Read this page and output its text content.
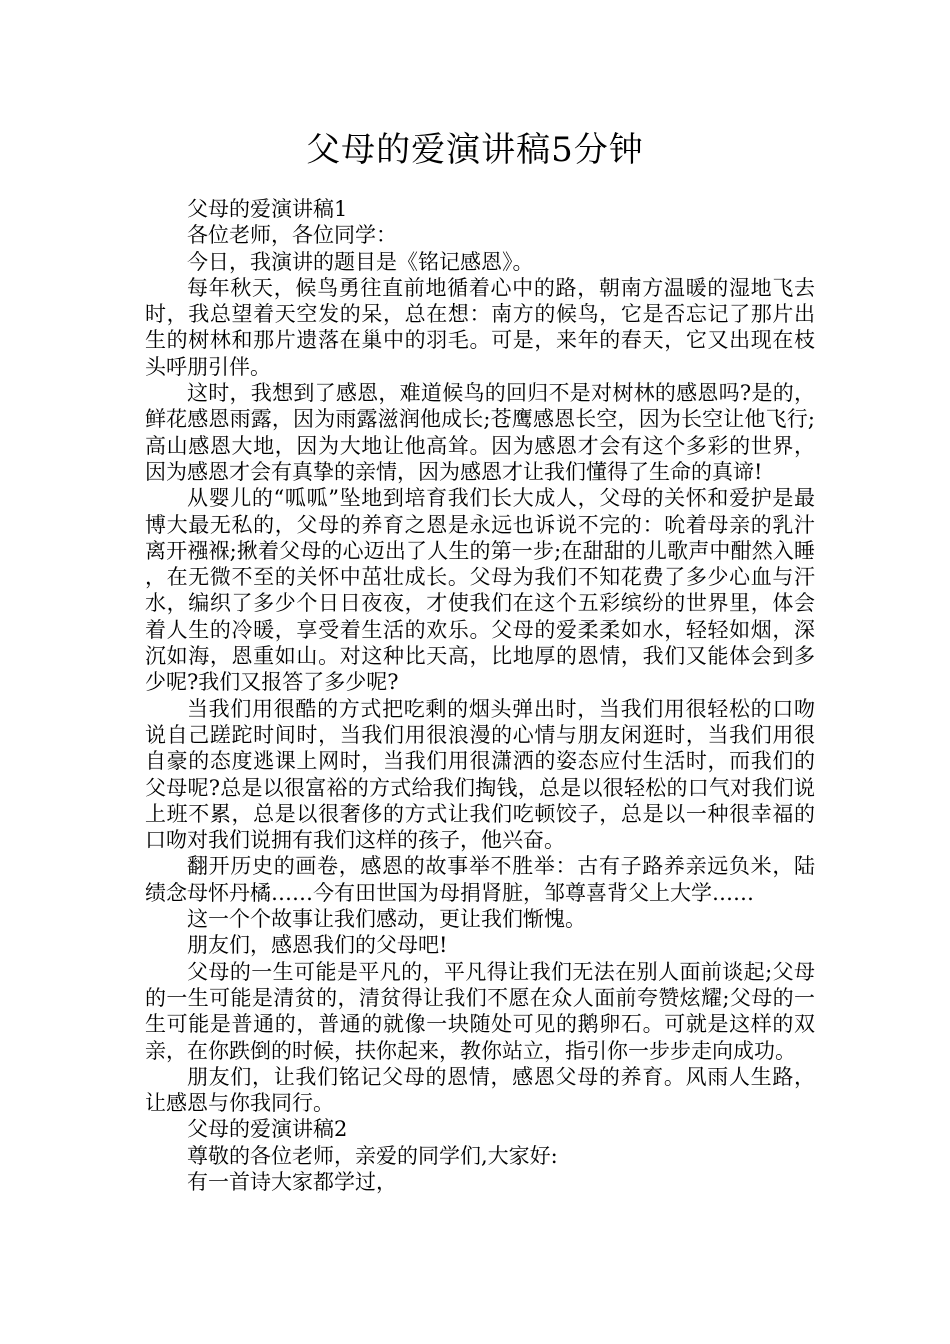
父母的爱演讲稿5分钟

父母的爱演讲稿1

各位老师，各位同学：

今日，我演讲的题目是《铭记感恩》。

每年秋天，候鸟勇往直前地循着心中的路，朝南方温暖的湿地飞去时，我总望着天空发的呆，总在想：南方的候鸟，它是否忘记了那片出生的树林和那片遗落在巢中的羽毛。可是，来年的春天，它又出现在枝头呼朋引伴。

这时，我想到了感恩，难道候鸟的回归不是对树林的感恩吗?是的，鲜花感恩雨露，因为雨露滋润他成长;苍鹰感恩长空，因为长空让他飞行;高山感恩大地，因为大地让他高耸。因为感恩才会有这个多彩的世界，因为感恩才会有真挚的亲情，因为感恩才让我们懂得了生命的真谛!

从婴儿的“呱呱”坠地到培育我们长大成人，父母的关怀和爱护是最博大最无私的，父母的养育之恩是永远也诉说不完的：吮着母亲的乳汁离开襁褓;揪着父母的心迈出了人生的第一步;在甜甜的儿歌声中酣然入睡，在无微不至的关怀中茁壮成长。父母为我们不知花费了多少心血与汗水，编织了多少个日日夜夜，才使我们在这个五彩缤纷的世界里，体会着人生的冷暖，享受着生活的欢乐。父母的爱柔柔如水，轻轻如烟，深沉如海，恩重如山。对这种比天高，比地厚的恩情，我们又能体会到多少呢?我们又报答了多少呢?

当我们用很酷的方式把吃剩的烟头弹出时，当我们用很轻松的口吻说自己蹉跎时间时，当我们用很浪漫的心情与朋友闲逛时，当我们用很自豪的态度逃课上网时，当我们用很潇洒的姿态应付生活时，而我们的父母呢?总是以很富裕的方式给我们掏钱，总是以很轻松的口气对我们说上班不累，总是以很奢侈的方式让我们吃顿饺子，总是以一种很幸福的口吻对我们说拥有我们这样的孩子，他兴奋。

翻开历史的画卷，感恩的故事举不胜举：古有子路养亲远负米，陆绩念母怀丹橘……今有田世国为母捐肾脏，邹尊喜背父上大学……

这一个个故事让我们感动，更让我们惭愧。

朋友们，感恩我们的父母吧!

父母的一生可能是平凡的，平凡得让我们无法在别人面前谈起;父母的一生可能是清贫的，清贫得让我们不愿在众人面前夸赞炫耀;父母的一生可能是普通的，普通的就像一块随处可见的鹅卵石。可就是这样的双亲，在你跌倒的时候，扶你起来，教你站立，指引你一步步走向成功。

朋友们，让我们铭记父母的恩情，感恩父母的养育。风雨人生路，让感恩与你我同行。

父母的爱演讲稿2

尊敬的各位老师，亲爱的同学们,大家好:

有一首诗大家都学过，
